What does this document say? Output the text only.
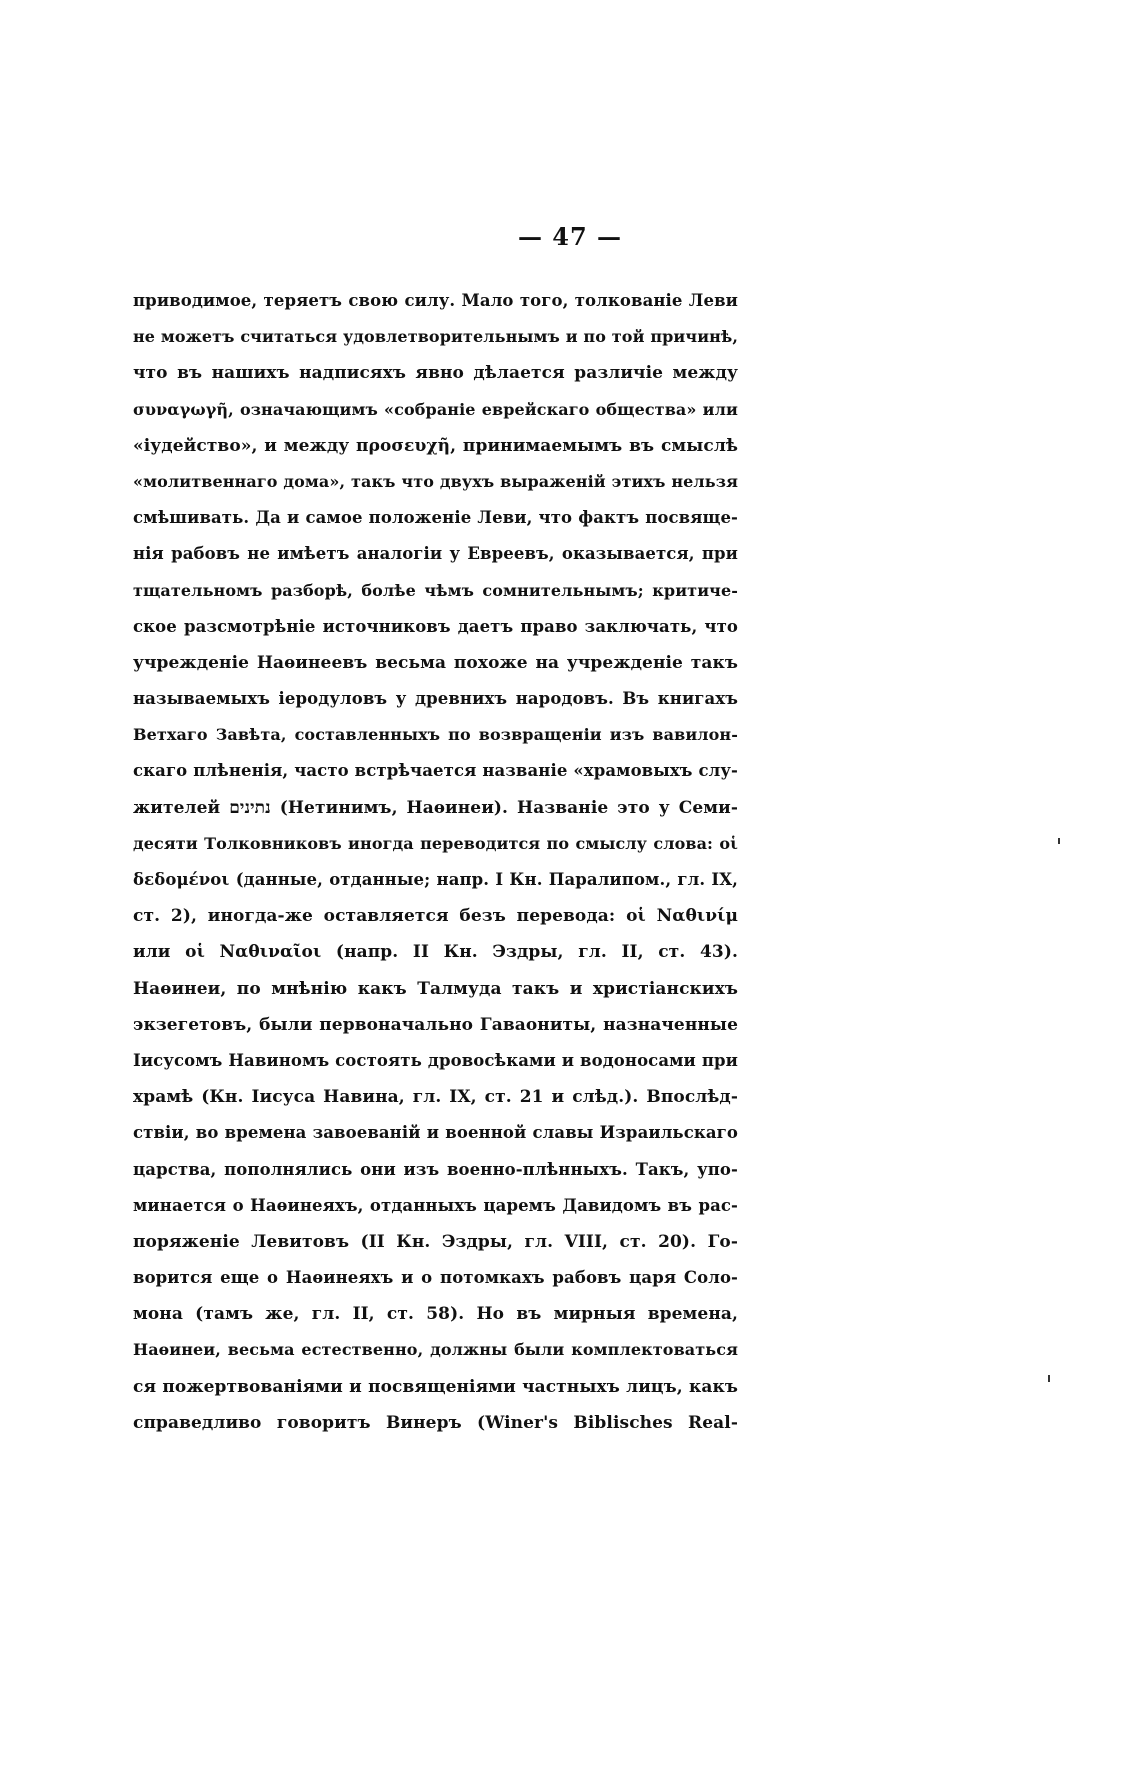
— 47 —
приводимое, теряетъ свою силу. Мало того, толкованіе Леви
не можетъ считаться удовлетворительнымъ и по той причинѣ,
что въ нашихъ надписяхъ явно дѣлается различіе между
συναγωγῆ, означающимъ «собраніе еврейскаго общества» или
«іудейство», и между προσευχῆ, принимаемымъ въ смыслѣ
«молитвеннаго дома», такъ что двухъ выраженій этихъ нельзя
смѣшивать. Да и самое положеніе Леви, что фактъ посвяще-
нія рабовъ не имѣетъ аналогіи у Евреевъ, оказывается, при
тщательномъ разборѣ, болѣе чѣмъ сомнительнымъ; критиче-
ское разсмотрѣніе источниковъ даетъ право заключать, что
учрежденіе Наѳинеевъ весьма похоже на учрежденіе такъ
называемыхъ іеродуловъ у древнихъ народовъ. Въ книгахъ
Ветхаго Завѣта, составленныхъ по возвращеніи изъ вавилон-
скаго плѣненія, часто встрѣчается названіе «храмовыхъ слу-
жителей נתינים (Нетинимъ, Наѳинеи). Названіе это у Семи-
десяти Толковниковъ иногда переводится по смыслу слова: οἱ
δεδομένοι (данные, отданные; напр. I Кн. Паралипом., гл. IX,
ст. 2), иногда-же оставляется безъ перевода: οἱ Ναθινίμ
или οἱ Ναθιναῖοι (напр. II Кн. Эздры, гл. II, ст. 43).
Наѳинеи, по мнѣнію какъ Талмуда такъ и христіанскихъ
экзегетовъ, были первоначально Гаваониты, назначенные
Іисусомъ Навиномъ состоять дровосѣками и водоносами при
храмѣ (Кн. Іисуса Навина, гл. IX, ст. 21 и слѣд.). Впослѣд-
ствіи, во времена завоеваній и военной славы Израильскаго
царства, пополнялись они изъ военно-плѣнныхъ. Такъ, упо-
минается о Наѳинеяхъ, отданныхъ царемъ Давидомъ въ рас-
поряженіе Левитовъ (II Кн. Эздры, гл. VIII, ст. 20). Го-
ворится еще о Наѳинеяхъ и о потомкахъ рабовъ царя Соло-
мона (тамъ же, гл. II, ст. 58). Но въ мирныя времена,
Наѳинеи, весьма естественно, должны были комплектоваться
ся пожертвованіями и посвященіями частныхъ лицъ, какъ
справедливо говоритъ Винеръ (Winer's Biblisches Real-
